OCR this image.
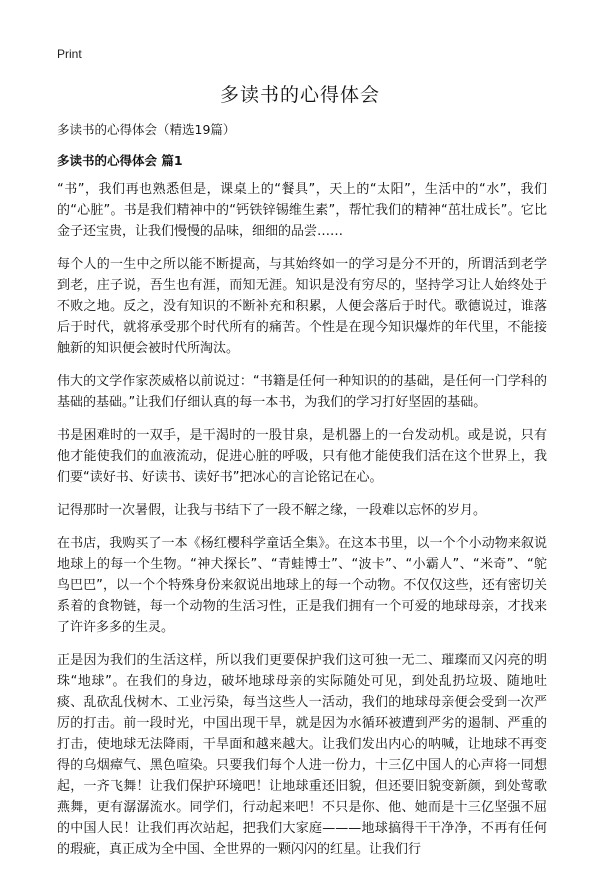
Print
多读书的心得体会
多读书的心得体会（精选19篇）
多读书的心得体会 篇1

“书”，我们再也熟悉但是，课桌上的“餐具”，天上的“太阳”，生活中的“水”，我们的“心脏”。书是我们精神中的“钙铁锌锡维生素”，帮忙我们的精神“茁壮成长”。它比金子还宝贵，让我们慢慢的品味，细细的品尝……

每个人的一生中之所以能不断提高，与其始终如一的学习是分不开的，所谓活到老学到老，庄子说，吾生也有涯，而知无涯。知识是没有穷尽的，坚持学习让人始终处于不败之地。反之，没有知识的不断补充和积累，人便会落后于时代。歌德说过，谁落后于时代，就将承受那个时代所有的痛苦。个性是在现今知识爆炸的年代里，不能接触新的知识便会被时代所淘汰。

伟大的文学作家茨威格以前说过：“书籍是任何一种知识的的基础，是任何一门学科的基础的基础。”让我们仔细认真的每一本书，为我们的学习打好坚固的基础。

书是困难时的一双手，是干渴时的一股甘泉，是机器上的一台发动机。或是说，只有他才能使我们的血液流动，促进心脏的呼吸，只有他才能使我们活在这个世界上，我们要“读好书、好读书、读好书”把冰心的言论铭记在心。

记得那时一次暑假，让我与书结下了一段不解之缘，一段难以忘怀的岁月。

在书店，我购买了一本《杨红樱科学童话全集》。在这本书里，以一个个小动物来叙说地球上的每一个生物。“神犬探长”、“青蛙博士”、“波卡”、“小霸人”、“米奇”、“鸵鸟巴巴”，以一个个特殊身份来叙说出地球上的每一个动物。不仅仅这些，还有密切关系着的食物链，每一个动物的生活习性，正是我们拥有一个可爱的地球母亲，才找来了许许多多的生灵。

正是因为我们的生活这样，所以我们更要保护我们这可独一无二、璀璨而又闪亮的明珠“地球”。在我们的身边，破坏地球母亲的实际随处可见，到处乱扔垃圾、随地吐痰、乱砍乱伐树木、工业污染，每当这些人一活动，我们的地球母亲便会受到一次严厉的打击。前一段时光，中国出现干旱，就是因为水循环被遭到严劣的遏制、严重的打击，使地球无法降雨，干旱面和越来越大。让我们发出内心的呐喊，让地球不再变得的乌烟瘴气、黑色喧染。只要我们每个人进一份力，十三亿中国人的心声将一同想起，一齐飞舞！让我们保护环境吧！让地球重还旧貌，但还要旧貌变新颜，到处莺歌燕舞，更有潺潺流水。同学们，行动起来吧！不只是你、他、她而是十三亿坚强不屈的中国人民！让我们再次站起，把我们大家庭———地球搞得干干净净，不再有任何的瑕疵，真正成为全中国、全世界的一颗闪闪的红星。让我们行
